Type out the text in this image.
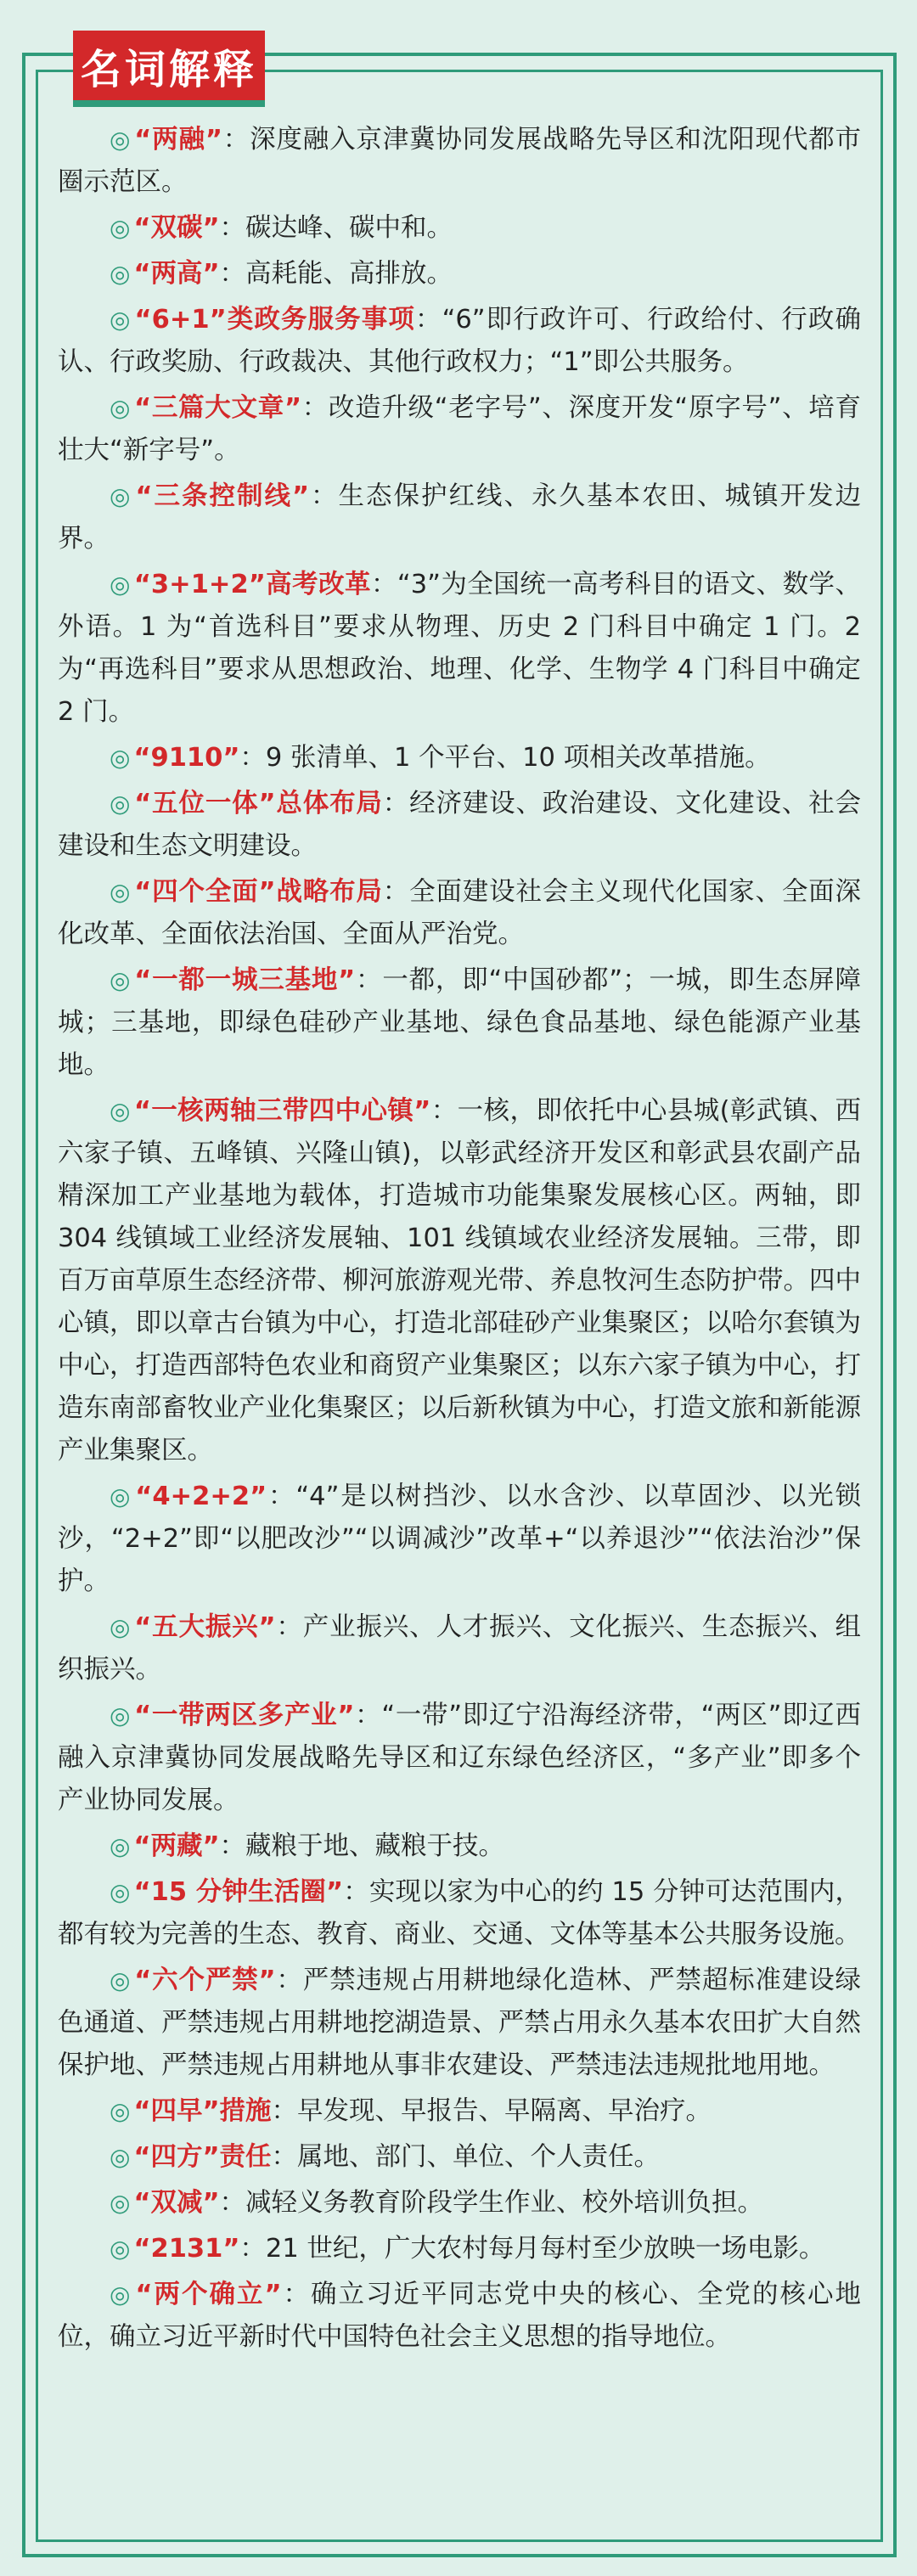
名词解释

◎ “两融”：深度融入京津冀协同发展战略先导区和沈阳现代都市圈示范区。

◎ “双碳”：碳达峰、碳中和。

◎ “两高”：高耗能、高排放。

◎ “6+1”类政务服务事项：“6”即行政许可、行政给付、行政确认、行政奖励、行政裁决、其他行政权力；“1”即公共服务。

◎ “三篇大文章”：改造升级“老字号”、深度开发“原字号”、培育壮大“新字号”。

◎ “三条控制线”：生态保护红线、永久基本农田、城镇开发边界。

◎ “3+1+2”高考改革：“3”为全国统一高考科目的语文、数学、外语。1 为“首选科目”要求从物理、历史 2 门科目中确定 1 门。2 为“再选科目”要求从思想政治、地理、化学、生物学 4 门科目中确定 2 门。

◎ “9110”：9 张清单、1 个平台、10 项相关改革措施。

◎ “五位一体”总体布局：经济建设、政治建设、文化建设、社会建设和生态文明建设。

◎ “四个全面”战略布局：全面建设社会主义现代化国家、全面深化改革、全面依法治国、全面从严治党。

◎ “一都一城三基地”：一都，即“中国砂都”；一城，即生态屏障城；三基地，即绿色硅砂产业基地、绿色食品基地、绿色能源产业基地。

◎ “一核两轴三带四中心镇”：一核，即依托中心县城(彰武镇、西六家子镇、五峰镇、兴隆山镇)，以彰武经济开发区和彰武县农副产品精深加工产业基地为载体，打造城市功能集聚发展核心区。两轴，即 304 线镇域工业经济发展轴、101 线镇域农业经济发展轴。三带，即百万亩草原生态经济带、柳河旅游观光带、养息牧河生态防护带。四中心镇，即以章古台镇为中心，打造北部硅砂产业集聚区；以哈尔套镇为中心，打造西部特色农业和商贸产业集聚区；以东六家子镇为中心，打造东南部畜牧业产业化集聚区；以后新秋镇为中心，打造文旅和新能源产业集聚区。

◎ “4+2+2”：“4”是以树挡沙、以水含沙、以草固沙、以光锁沙，“2+2”即“以肥改沙”“以调减沙”改革+“以养退沙”“依法治沙”保护。

◎ “五大振兴”：产业振兴、人才振兴、文化振兴、生态振兴、组织振兴。

◎ “一带两区多产业”：“一带”即辽宁沿海经济带，“两区”即辽西融入京津冀协同发展战略先导区和辽东绿色经济区，“多产业”即多个产业协同发展。

◎ “两藏”：藏粮于地、藏粮于技。

◎ “15 分钟生活圈”：实现以家为中心的约 15 分钟可达范围内，都有较为完善的生态、教育、商业、交通、文体等基本公共服务设施。

◎ “六个严禁”：严禁违规占用耕地绿化造林、严禁超标准建设绿色通道、严禁违规占用耕地挖湖造景、严禁占用永久基本农田扩大自然保护地、严禁违规占用耕地从事非农建设、严禁违法违规批地用地。

◎ “四早”措施：早发现、早报告、早隔离、早治疗。

◎ “四方”责任：属地、部门、单位、个人责任。

◎ “双减”：减轻义务教育阶段学生作业、校外培训负担。

◎ “2131”：21 世纪，广大农村每月每村至少放映一场电影。

◎ “两个确立”：确立习近平同志党中央的核心、全党的核心地位，确立习近平新时代中国特色社会主义思想的指导地位。
